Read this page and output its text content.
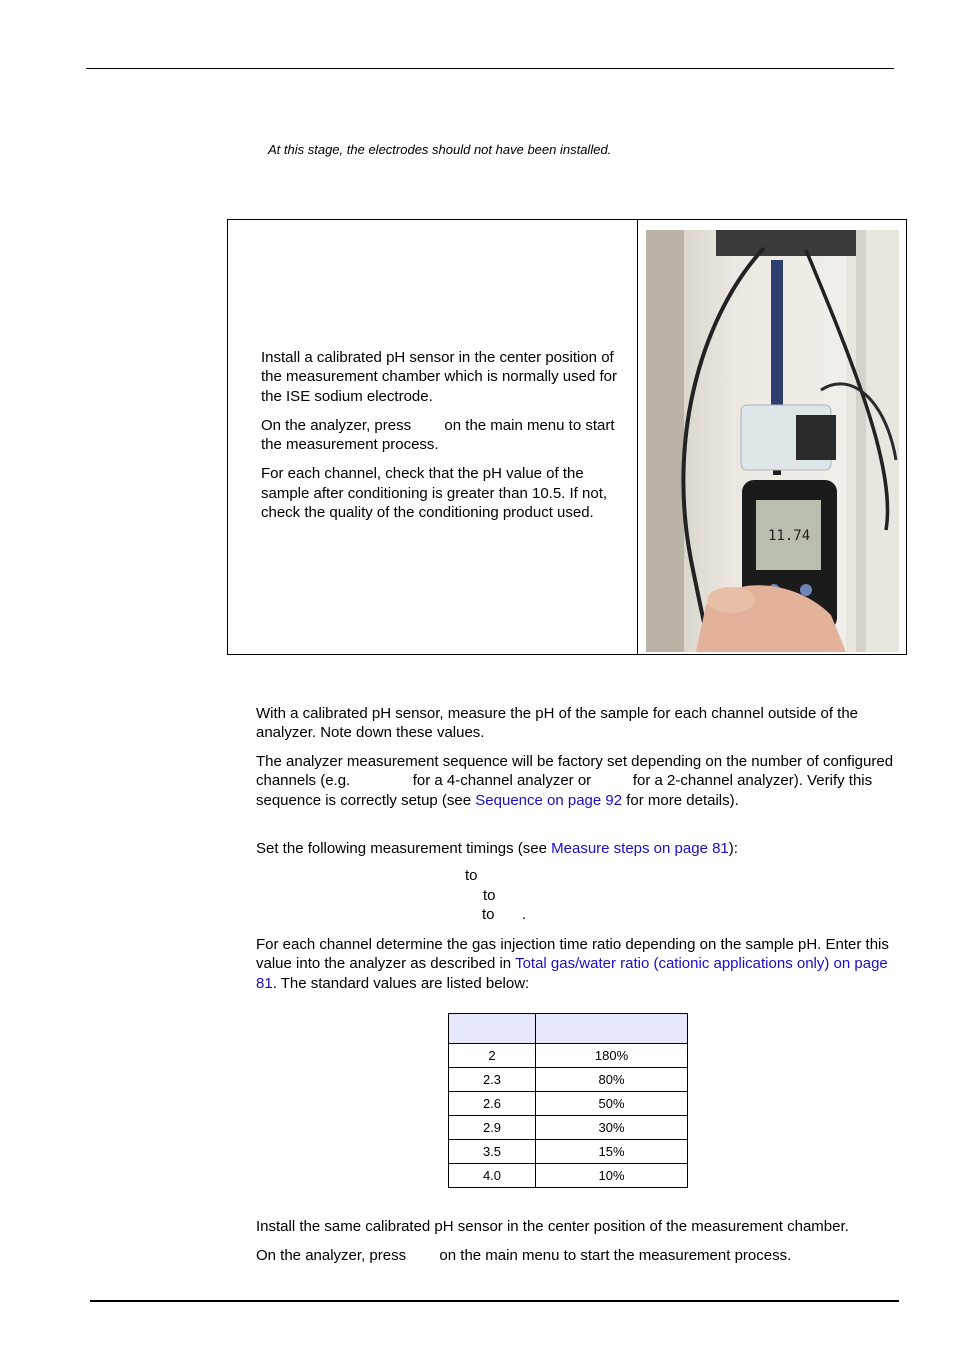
At this stage, the electrodes should not have been installed.

Install a calibrated pH sensor in the center position of the measurement chamber which is normally used for the ISE sodium electrode.

On the analyzer, press        on the main menu to start the measurement process.

For each channel, check that the pH value of the sample after conditioning is greater than 10.5. If not, check the quality of the conditioning product used.

11.74

With a calibrated pH sensor, measure the pH of the sample for each channel outside of the analyzer. Note down these values.

The analyzer measurement sequence will be factory set depending on the number of configured channels (e.g.               for a 4-channel analyzer or          for a 2-channel analyzer). Verify this sequence is correctly setup (see Sequence on page 92 for more details).

Set the following measurement timings (see Measure steps on page 81):

to
to
to .

For each channel determine the gas injection time ratio depending on the sample pH. Enter this value into the analyzer as described in Total gas/water ratio (cationic applications only) on page 81. The standard values are listed below:

2	180%
2.3	80%
2.6	50%
2.9	30%
3.5	15%
4.0	10%

Install the same calibrated pH sensor in the center position of the measurement chamber.

On the analyzer, press        on the main menu to start the measurement process.
